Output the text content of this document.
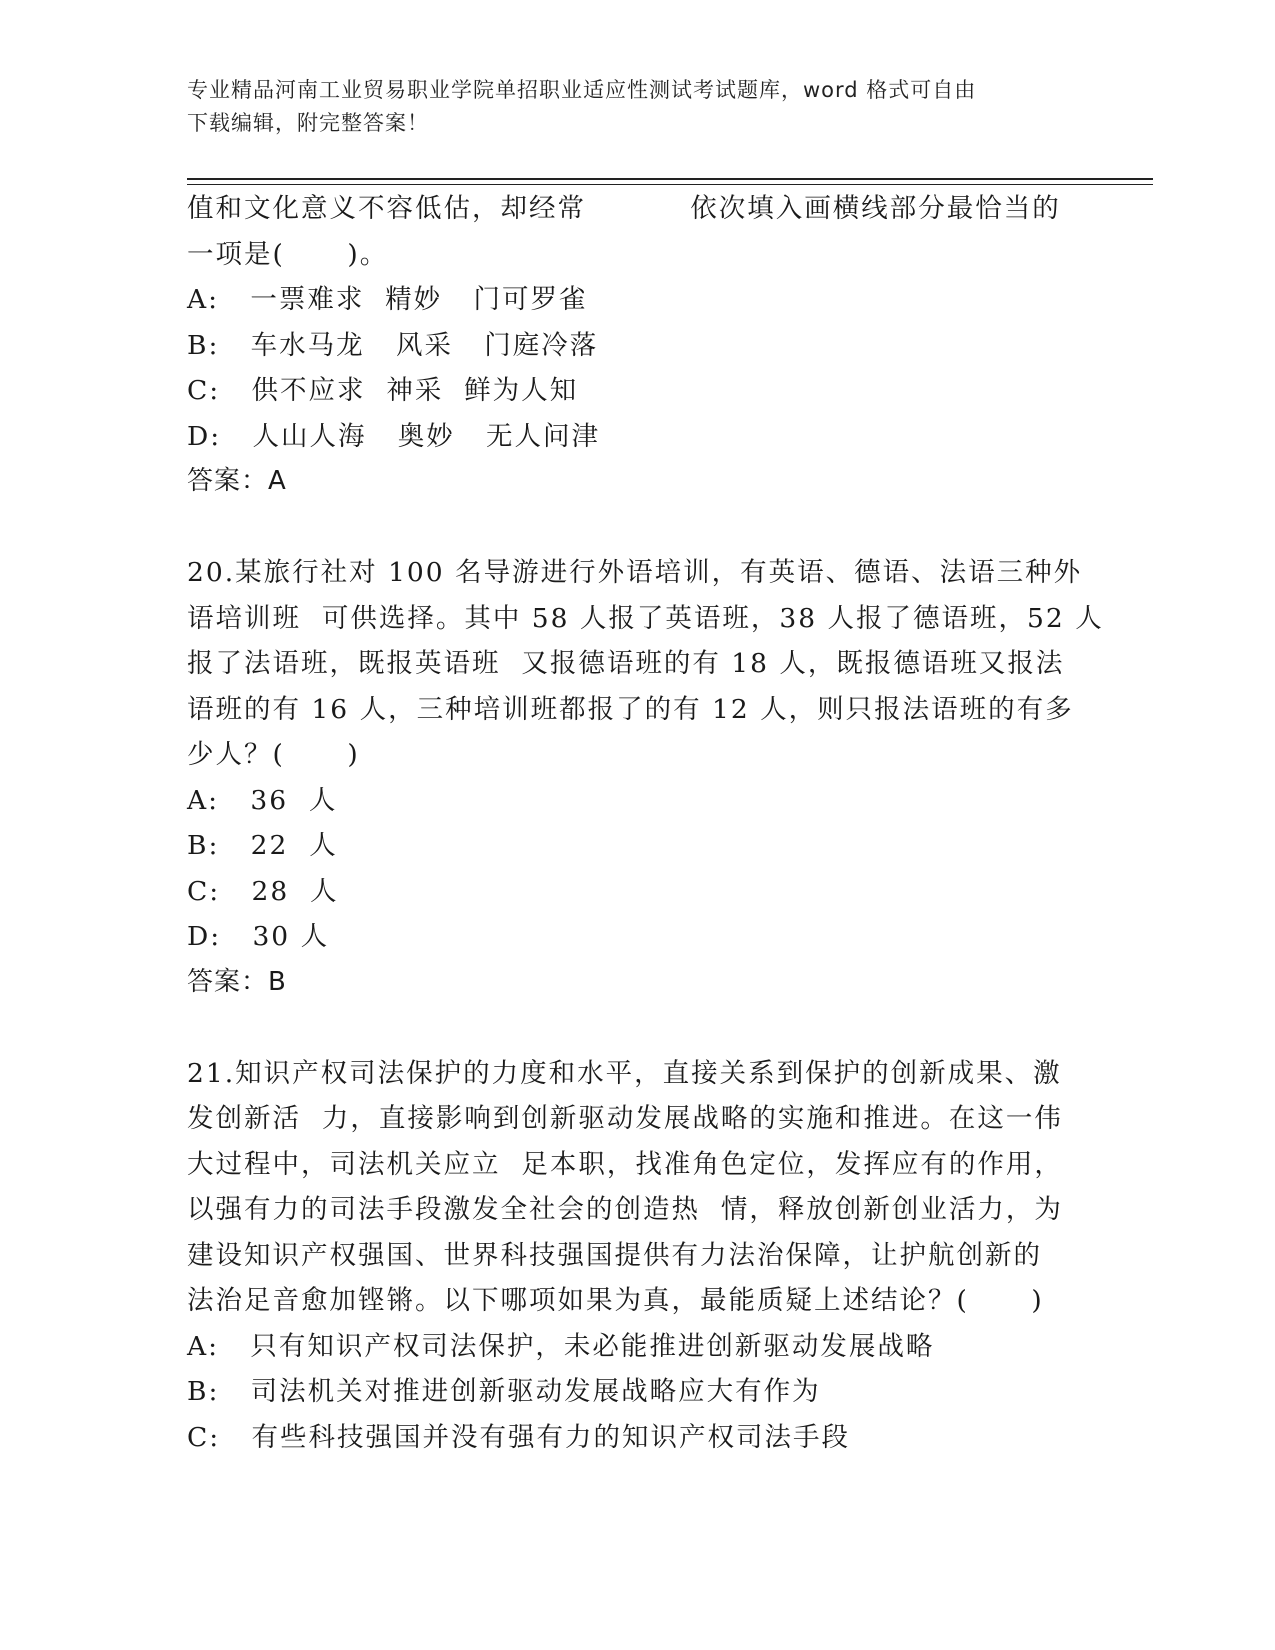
专业精品河南工业贸易职业学院单招职业适应性测试考试题库，word 格式可自由
下载编辑，附完整答案！
值和文化意义不容低估，却经常          依次填入画横线部分最恰当的
一项是(      )。
A:   一票难求  精妙   门可罗雀
B:   车水马龙   风采   门庭冷落
C:   供不应求  神采  鲜为人知
D:   人山人海   奥妙   无人问津
答案：A
20.某旅行社对 100 名导游进行外语培训，有英语、德语、法语三种外
语培训班  可供选择。其中 58 人报了英语班，38 人报了德语班，52 人
报了法语班，既报英语班  又报德语班的有 18 人，既报德语班又报法
语班的有 16 人，三种培训班都报了的有 12 人，则只报法语班的有多
少人？(      )
A:   36  人
B:   22  人
C:   28  人
D:   30 人
答案：B
21.知识产权司法保护的力度和水平，直接关系到保护的创新成果、激
发创新活  力，直接影响到创新驱动发展战略的实施和推进。在这一伟
大过程中，司法机关应立  足本职，找准角色定位，发挥应有的作用，
以强有力的司法手段激发全社会的创造热  情，释放创新创业活力，为
建设知识产权强国、世界科技强国提供有力法治保障，让护航创新的
法治足音愈加铿锵。以下哪项如果为真，最能质疑上述结论？(      )
A:   只有知识产权司法保护，未必能推进创新驱动发展战略
B:   司法机关对推进创新驱动发展战略应大有作为
C:   有些科技强国并没有强有力的知识产权司法手段
